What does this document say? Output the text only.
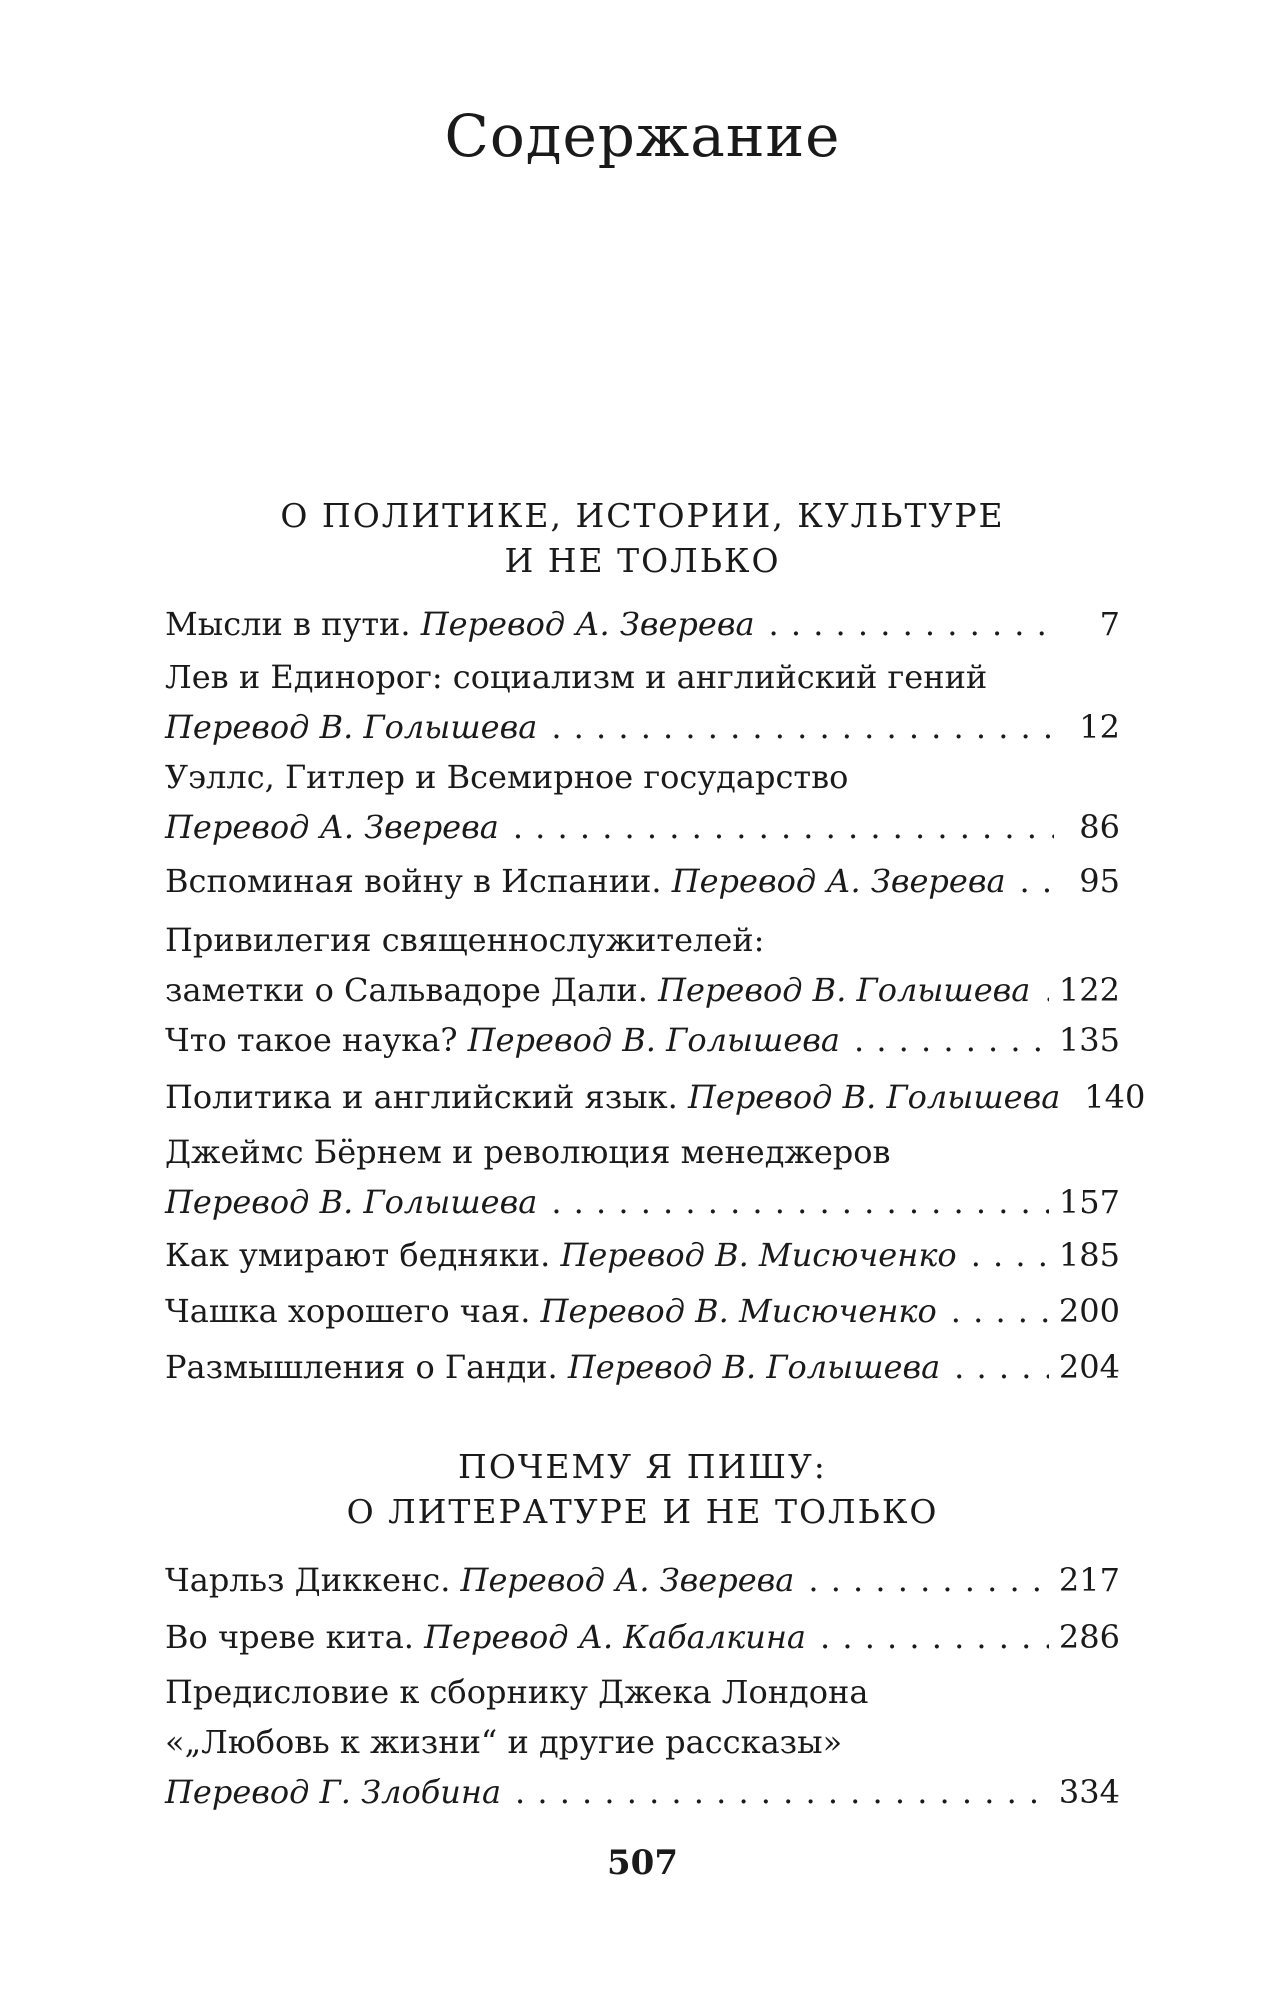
Содержание
О ПОЛИТИКЕ, ИСТОРИИ, КУЛЬТУРЕ
И НЕ ТОЛЬКО
Мысли в пути. Перевод А. Зверева . . .	7
Лев и Единорог: социализм и английский гений
Перевод В. Голышева . . .	12
Уэллс, Гитлер и Всемирное государство
Перевод А. Зверева . . .	86
Вспоминая войну в Испании. Перевод А. Зверева . . .	95
Привилегия священнослужителей:
заметки о Сальвадоре Дали. Перевод В. Голышева . . . 122
Что такое наука? Перевод В. Голышева . . .	135
Политика и английский язык. Перевод В. Голышева 140
Джеймс Бёрнем и революция менеджеров
Перевод В. Голышева . . .	157
Как умирают бедняки. Перевод В. Мисюченко . . .	185
Чашка хорошего чая. Перевод В. Мисюченко . . .	200
Размышления о Ганди. Перевод В. Голышева . . .	204
ПОЧЕМУ Я ПИШУ:
О ЛИТЕРАТУРЕ И НЕ ТОЛЬКО
Чарльз Диккенс. Перевод А. Зверева . . .	217
Во чреве кита. Перевод А. Кабалкина . . .	286
Предисловие к сборнику Джека Лондона
«„Любовь к жизни“ и другие рассказы»
Перевод Г. Злобина . . .	334
507
